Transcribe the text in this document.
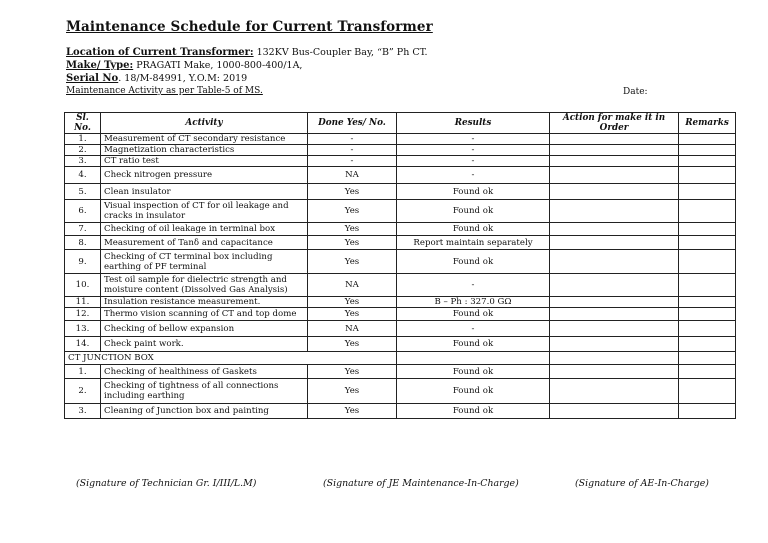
Maintenance Schedule for Current Transformer
Location of Current Transformer: 132KV Bus-Coupler Bay, “B” Ph CT.
Make/ Type: PRAGATI Make, 1000-800-400/1A,
Serial No. 18/M-84991, Y.O.M: 2019
Maintenance Activity as per Table-5 of MS.	Date:
Sl. No.	Activity	Done Yes/ No.	Results	Action for make it in Order	Remarks
1.	Measurement of CT secondary resistance	-	-		
2.	Magnetization characteristics	-	-		
3.	CT ratio test	-	-		
4.	Check nitrogen pressure	NA	-		
5.	Clean insulator	Yes	Found ok		
6.	Visual inspection of CT for oil leakage and cracks in insulator	Yes	Found ok		
7.	Checking of oil leakage in terminal box	Yes	Found ok		
8.	Measurement of Tanδ and capacitance	Yes	Report maintain separately		
9.	Checking of CT terminal box including earthing of PF terminal	Yes	Found ok		
10.	Test oil sample for dielectric strength and moisture content (Dissolved Gas Analysis)	NA	-		
11.	Insulation resistance measurement.	Yes	B – Ph : 327.0 GΩ		
12.	Thermo vision scanning of CT and top dome	Yes	Found ok		
13.	Checking of bellow expansion	NA	-		
14.	Check paint work.	Yes	Found ok		
CT JUNCTION BOX					
1.	Checking of healthiness of Gaskets	Yes	Found ok		
2.	Checking of tightness of all connections including earthing	Yes	Found ok		
3.	Cleaning of Junction box and painting	Yes	Found ok		
(Signature of Technician Gr. I/III/L.M)	(Signature of JE Maintenance-In-Charge)	(Signature of AE-In-Charge)
